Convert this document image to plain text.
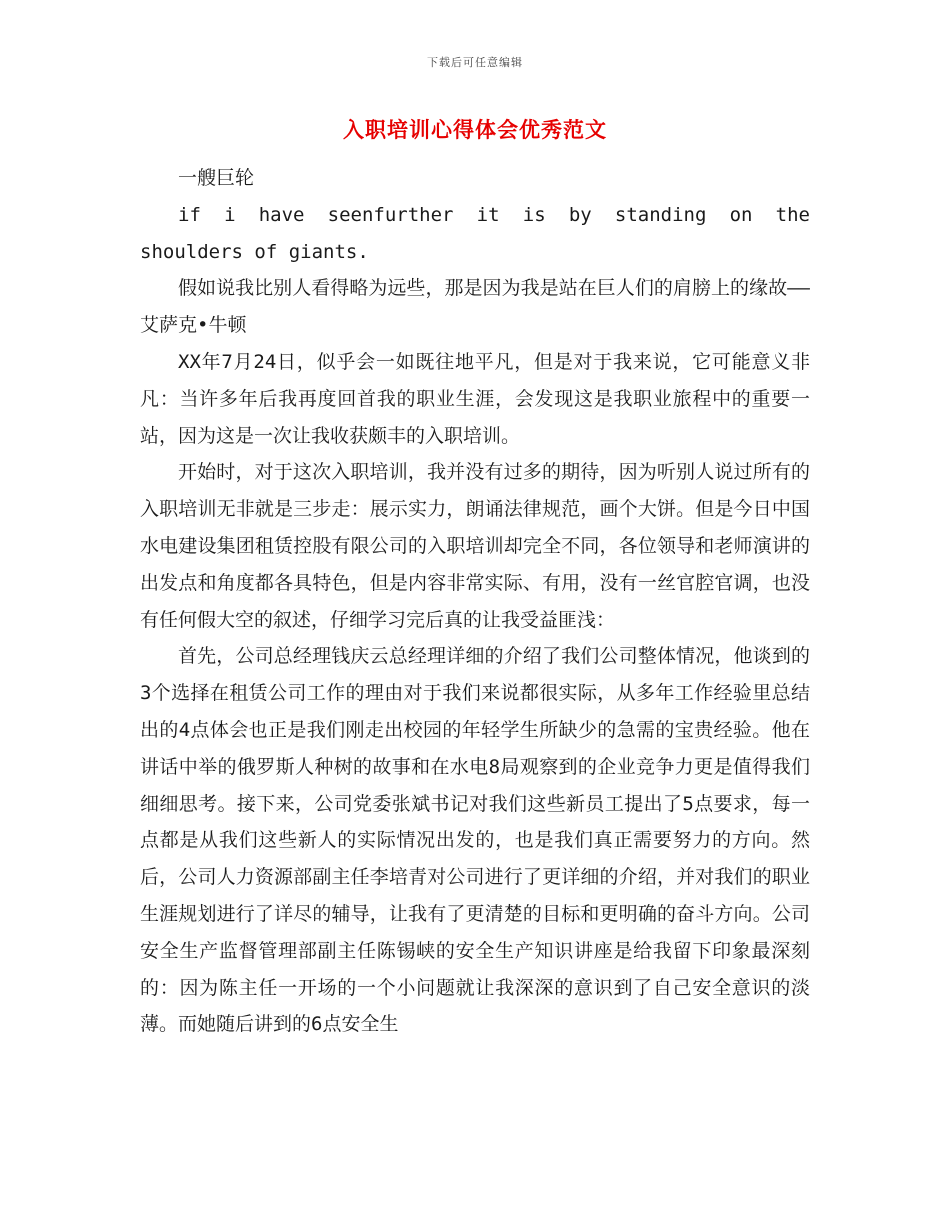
下载后可任意编辑
入职培训心得体会优秀范文

一艘巨轮

if i have seenfurther it is by standing on the shoulders of giants.

假如说我比别人看得略为远些，那是因为我是站在巨人们的肩膀上的缘故——艾萨克•牛顿

XX年7月24日，似乎会一如既往地平凡，但是对于我来说，它可能意义非凡：当许多年后我再度回首我的职业生涯，会发现这是我职业旅程中的重要一站，因为这是一次让我收获颇丰的入职培训。

开始时，对于这次入职培训，我并没有过多的期待，因为听别人说过所有的入职培训无非就是三步走：展示实力，朗诵法律规范，画个大饼。但是今日中国水电建设集团租赁控股有限公司的入职培训却完全不同，各位领导和老师演讲的出发点和角度都各具特色，但是内容非常实际、有用，没有一丝官腔官调，也没有任何假大空的叙述，仔细学习完后真的让我受益匪浅：

首先，公司总经理钱庆云总经理详细的介绍了我们公司整体情况，他谈到的3个选择在租赁公司工作的理由对于我们来说都很实际，从多年工作经验里总结出的4点体会也正是我们刚走出校园的年轻学生所缺少的急需的宝贵经验。他在讲话中举的俄罗斯人种树的故事和在水电8局观察到的企业竞争力更是值得我们细细思考。接下来，公司党委张斌书记对我们这些新员工提出了5点要求，每一点都是从我们这些新人的实际情况出发的，也是我们真正需要努力的方向。然后，公司人力资源部副主任李培青对公司进行了更详细的介绍，并对我们的职业生涯规划进行了详尽的辅导，让我有了更清楚的目标和更明确的奋斗方向。公司安全生产监督管理部副主任陈锡峡的安全生产知识讲座是给我留下印象最深刻的：因为陈主任一开场的一个小问题就让我深深的意识到了自己安全意识的淡薄。而她随后讲到的6点安全生
